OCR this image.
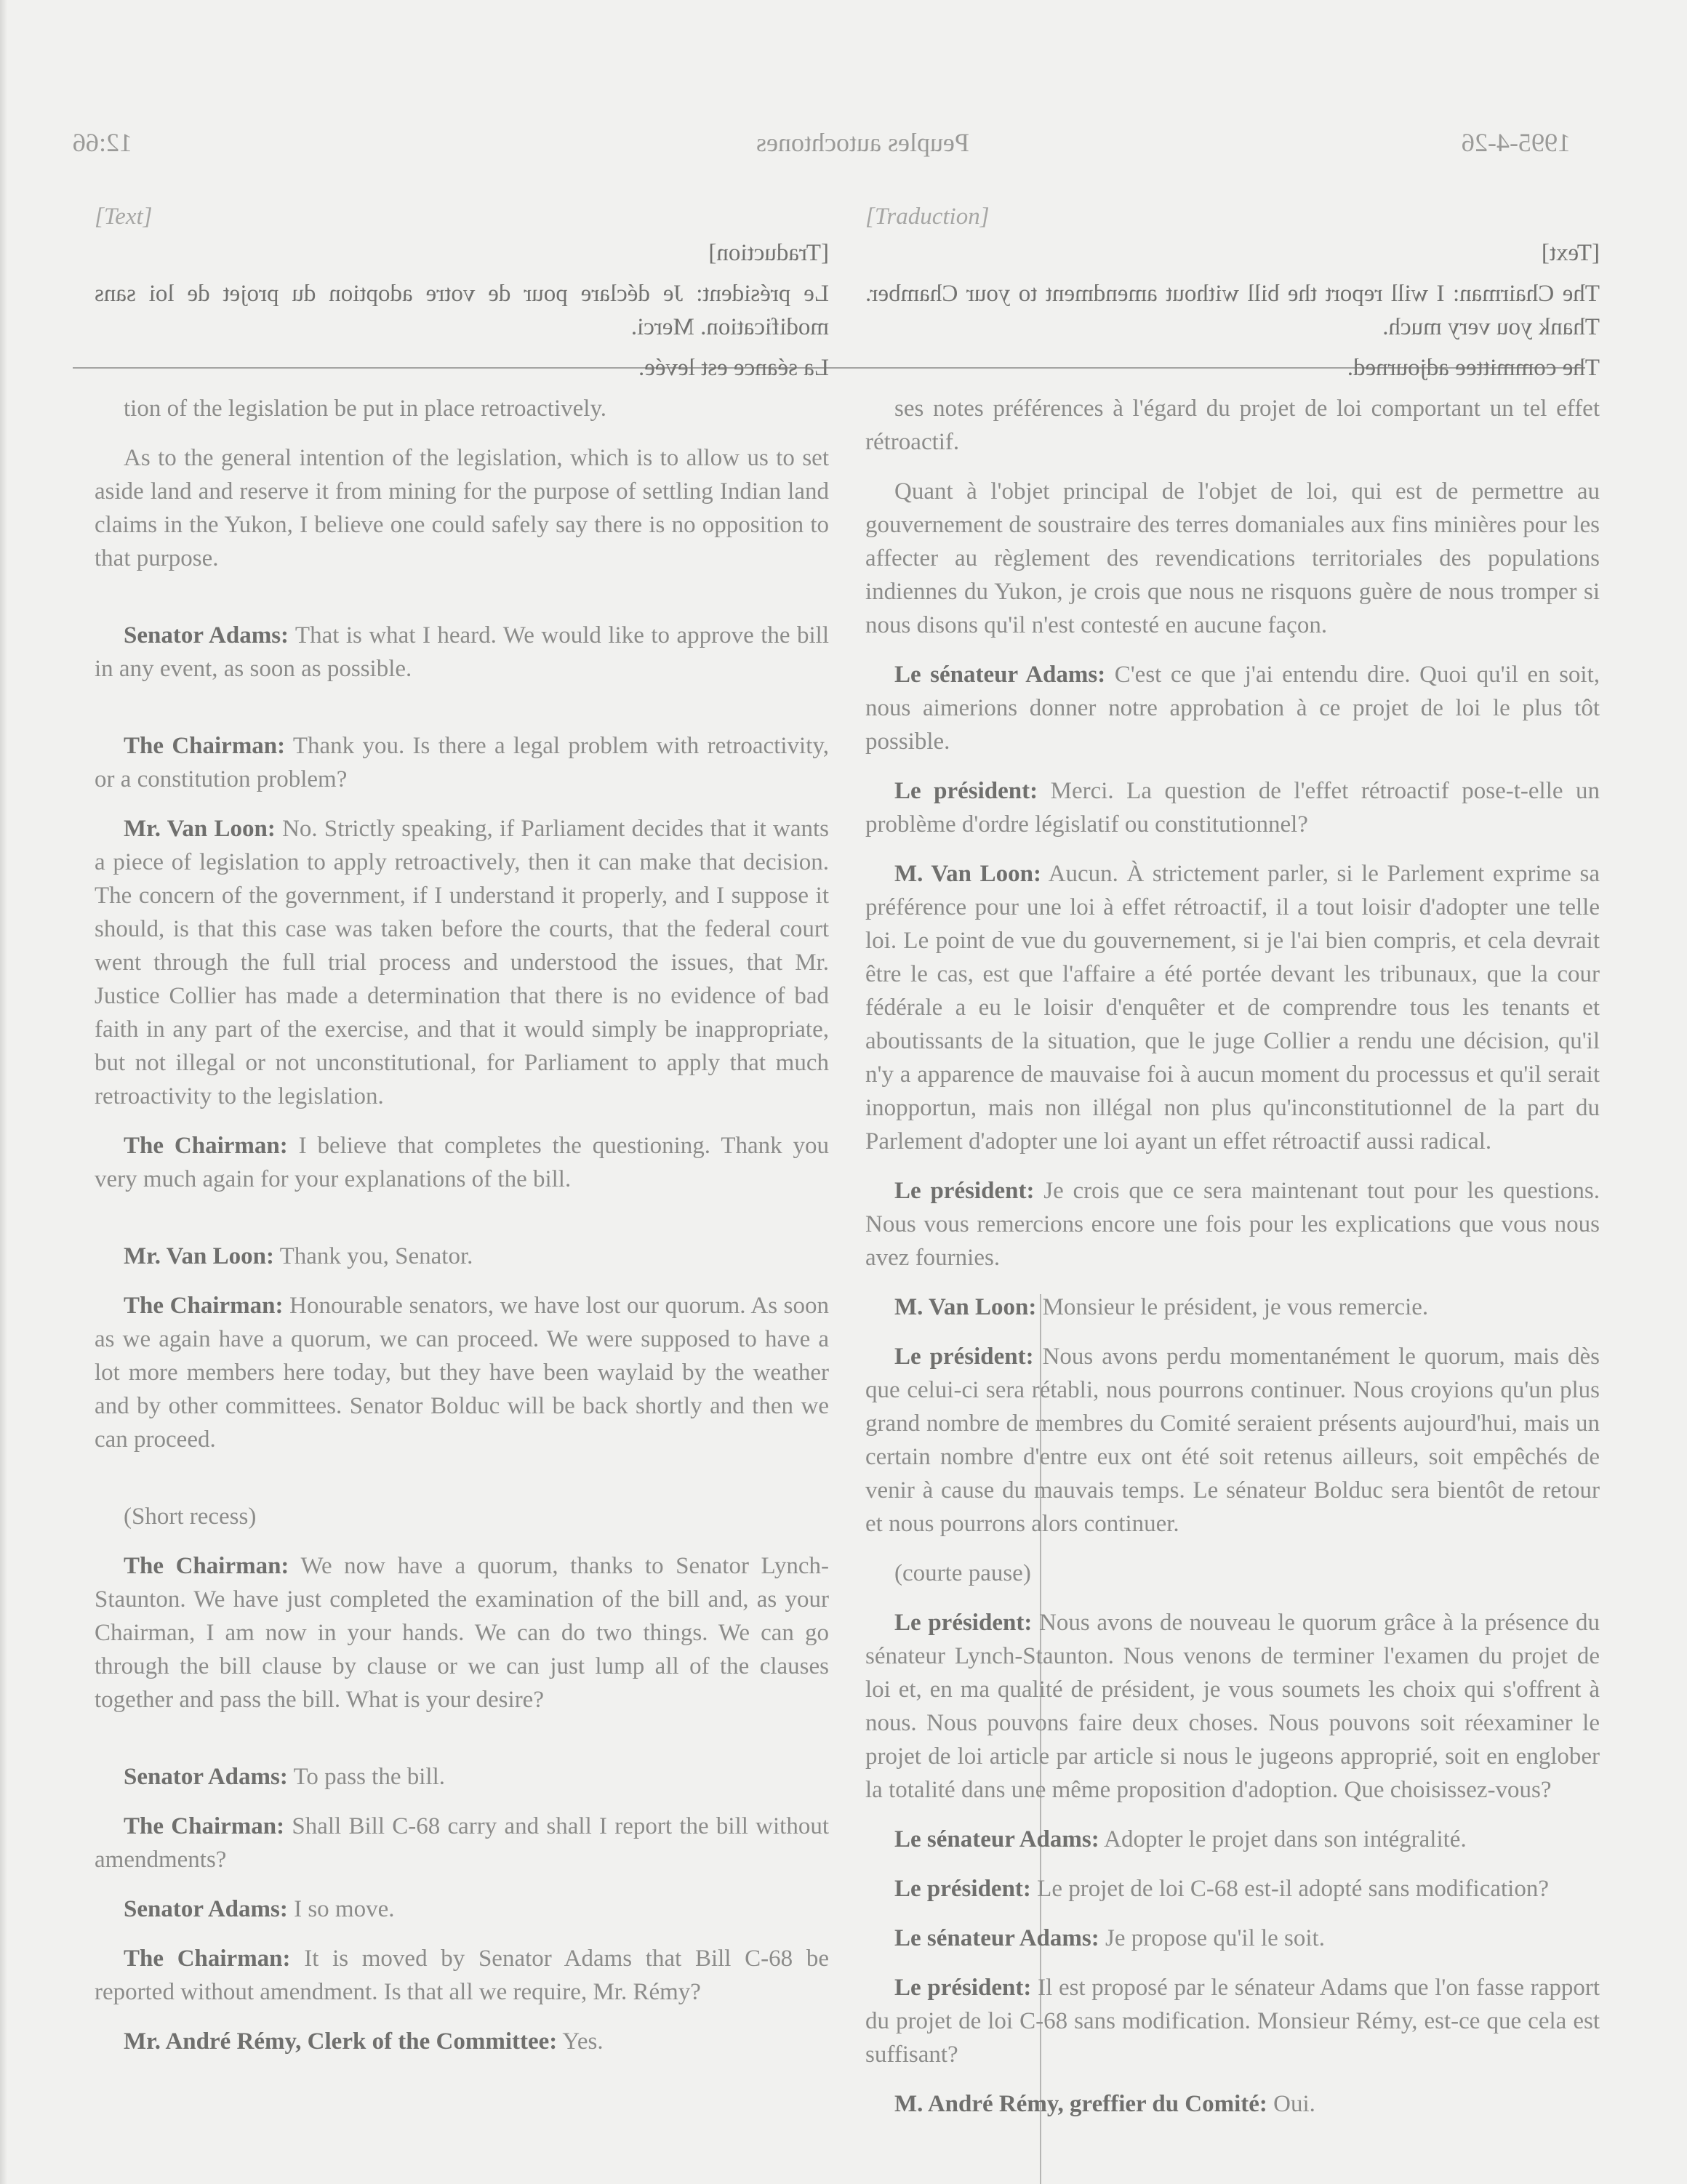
12:66	Peuples autochtones	1995-4-26
[Text]
[Traduction]
Le président: Je déclare pour de votre adoption du projet de loi sans modification. Merci.
La séance est levée.

tion of the legislation be put in place retroactively.

As to the general intention of the legislation, which is to allow us to set aside land and reserve it from mining for the purpose of settling Indian land claims in the Yukon, I believe one could safely say there is no opposition to that purpose.

Senator Adams: That is what I heard. We would like to approve the bill in any event, as soon as possible.

The Chairman: Thank you. Is there a legal problem with retroactivity, or a constitution problem?

Mr. Van Loon: No. Strictly speaking, if Parliament decides that it wants a piece of legislation to apply retroactively, then it can make that decision. The concern of the government, if I understand it properly, and I suppose it should, is that this case was taken before the courts, that the federal court went through the full trial process and understood the issues, that Mr. Justice Collier has made a determination that there is no evidence of bad faith in any part of the exercise, and that it would simply be inappropriate, but not illegal or not unconstitutional, for Parliament to apply that much retroactivity to the legislation.

The Chairman: I believe that completes the questioning. Thank you very much again for your explanations of the bill.

Mr. Van Loon: Thank you, Senator.

The Chairman: Honourable senators, we have lost our quorum. As soon as we again have a quorum, we can proceed. We were supposed to have a lot more members here today, but they have been waylaid by the weather and by other committees. Senator Bolduc will be back shortly and then we can proceed.

(Short recess)

The Chairman: We now have a quorum, thanks to Senator Lynch-Staunton. We have just completed the examination of the bill and, as your Chairman, I am now in your hands. We can do two things. We can go through the bill clause by clause or we can just lump all of the clauses together and pass the bill. What is your desire?

Senator Adams: To pass the bill.

The Chairman: Shall Bill C-68 carry and shall I report the bill without amendments?

Senator Adams: I so move.

The Chairman: It is moved by Senator Adams that Bill C-68 be reported without amendment. Is that all we require, Mr. Rémy?

Mr. André Rémy, Clerk of the Committee: Yes.

[Traduction]
[Text]
The Chairman: I will report the bill without amendment to your Chamber. Thank you very much.
The committee adjourned.

ses notes préférences à l'égard du projet de loi comportant un tel effet rétroactif.

Quant à l'objet principal de l'objet de loi, qui est de permettre au gouvernement de soustraire des terres domaniales aux fins minières pour les affecter au règlement des revendications territoriales des populations indiennes du Yukon, je crois que nous ne risquons guère de nous tromper si nous disons qu'il n'est contesté en aucune façon.

Le sénateur Adams: C'est ce que j'ai entendu dire. Quoi qu'il en soit, nous aimerions donner notre approbation à ce projet de loi le plus tôt possible.

Le président: Merci. La question de l'effet rétroactif pose-t-elle un problème d'ordre législatif ou constitutionnel?

M. Van Loon: Aucun. À strictement parler, si le Parlement exprime sa préférence pour une loi à effet rétroactif, il a tout loisir d'adopter une telle loi. Le point de vue du gouvernement, si je l'ai bien compris, et cela devrait être le cas, est que l'affaire a été portée devant les tribunaux, que la cour fédérale a eu le loisir d'enquêter et de comprendre tous les tenants et aboutissants de la situation, que le juge Collier a rendu une décision, qu'il n'y a apparence de mauvaise foi à aucun moment du processus et qu'il serait inopportun, mais non illégal non plus qu'inconstitutionnel de la part du Parlement d'adopter une loi ayant un effet rétroactif aussi radical.

Le président: Je crois que ce sera maintenant tout pour les questions. Nous vous remercions encore une fois pour les explications que vous nous avez fournies.

M. Van Loon: Monsieur le président, je vous remercie.

Le président: Nous avons perdu momentanément le quorum, mais dès que celui-ci sera rétabli, nous pourrons continuer. Nous croyions qu'un plus grand nombre de membres du Comité seraient présents aujourd'hui, mais un certain nombre d'entre eux ont été soit retenus ailleurs, soit empêchés de venir à cause du mauvais temps. Le sénateur Bolduc sera bientôt de retour et nous pourrons alors continuer.

(courte pause)

Le président: Nous avons de nouveau le quorum grâce à la présence du sénateur Lynch-Staunton. Nous venons de terminer l'examen du projet de loi et, en ma qualité de président, je vous soumets les choix qui s'offrent à nous. Nous pouvons faire deux choses. Nous pouvons soit réexaminer le projet de loi article par article si nous le jugeons approprié, soit en englober la totalité dans une même proposition d'adoption. Que choisissez-vous?

Le sénateur Adams: Adopter le projet dans son intégralité.

Le président: Le projet de loi C-68 est-il adopté sans modification?

Le sénateur Adams: Je propose qu'il le soit.

Le président: Il est proposé par le sénateur Adams que l'on fasse rapport du projet de loi C-68 sans modification. Monsieur Rémy, est-ce que cela est suffisant?

M. André Rémy, greffier du Comité: Oui.
